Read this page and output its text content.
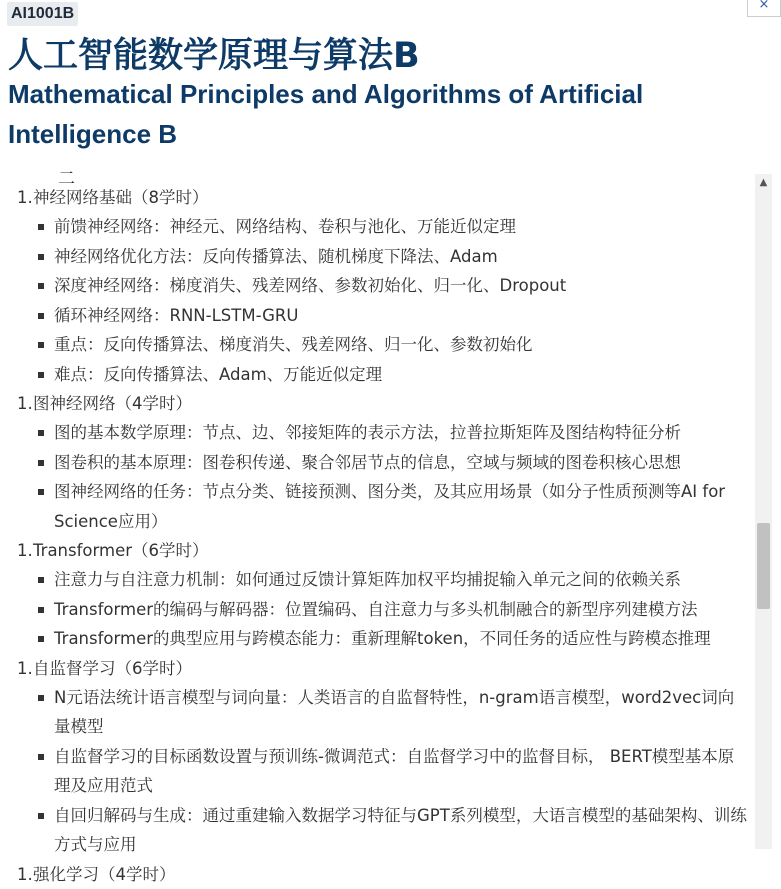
AI1001B
×
人工智能数学原理与算法B
Mathematical Principles and Algorithms of Artificial Intelligence B
二
1. 神经网络基础（8学时）
前馈神经网络：神经元、网络结构、卷积与池化、万能近似定理
神经网络优化方法：反向传播算法、随机梯度下降法、Adam
深度神经网络：梯度消失、残差网络、参数初始化、归一化、Dropout
循环神经网络：RNN-LSTM-GRU
重点：反向传播算法、梯度消失、残差网络、归一化、参数初始化
难点：反向传播算法、Adam、万能近似定理
1. 图神经网络（4学时）
图的基本数学原理：节点、边、邻接矩阵的表示方法，拉普拉斯矩阵及图结构特征分析
图卷积的基本原理：图卷积传递、聚合邻居节点的信息，空域与频域的图卷积核心思想
图神经网络的任务：节点分类、链接预测、图分类，及其应用场景（如分子性质预测等AI for Science应用）
1. Transformer（6学时）
注意力与自注意力机制：如何通过反馈计算矩阵加权平均捕捉输入单元之间的依赖关系
Transformer的编码与解码器：位置编码、自注意力与多头机制融合的新型序列建模方法
Transformer的典型应用与跨模态能力：重新理解token，不同任务的适应性与跨模态推理
1. 自监督学习（6学时）
N元语法统计语言模型与词向量：人类语言的自监督特性，n-gram语言模型，word2vec词向量模型
自监督学习的目标函数设置与预训练-微调范式：自监督学习中的监督目标， BERT模型基本原理及应用范式
自回归解码与生成：通过重建输入数据学习特征与GPT系列模型，大语言模型的基础架构、训练方式与应用
1. 强化学习（4学时）
▲
